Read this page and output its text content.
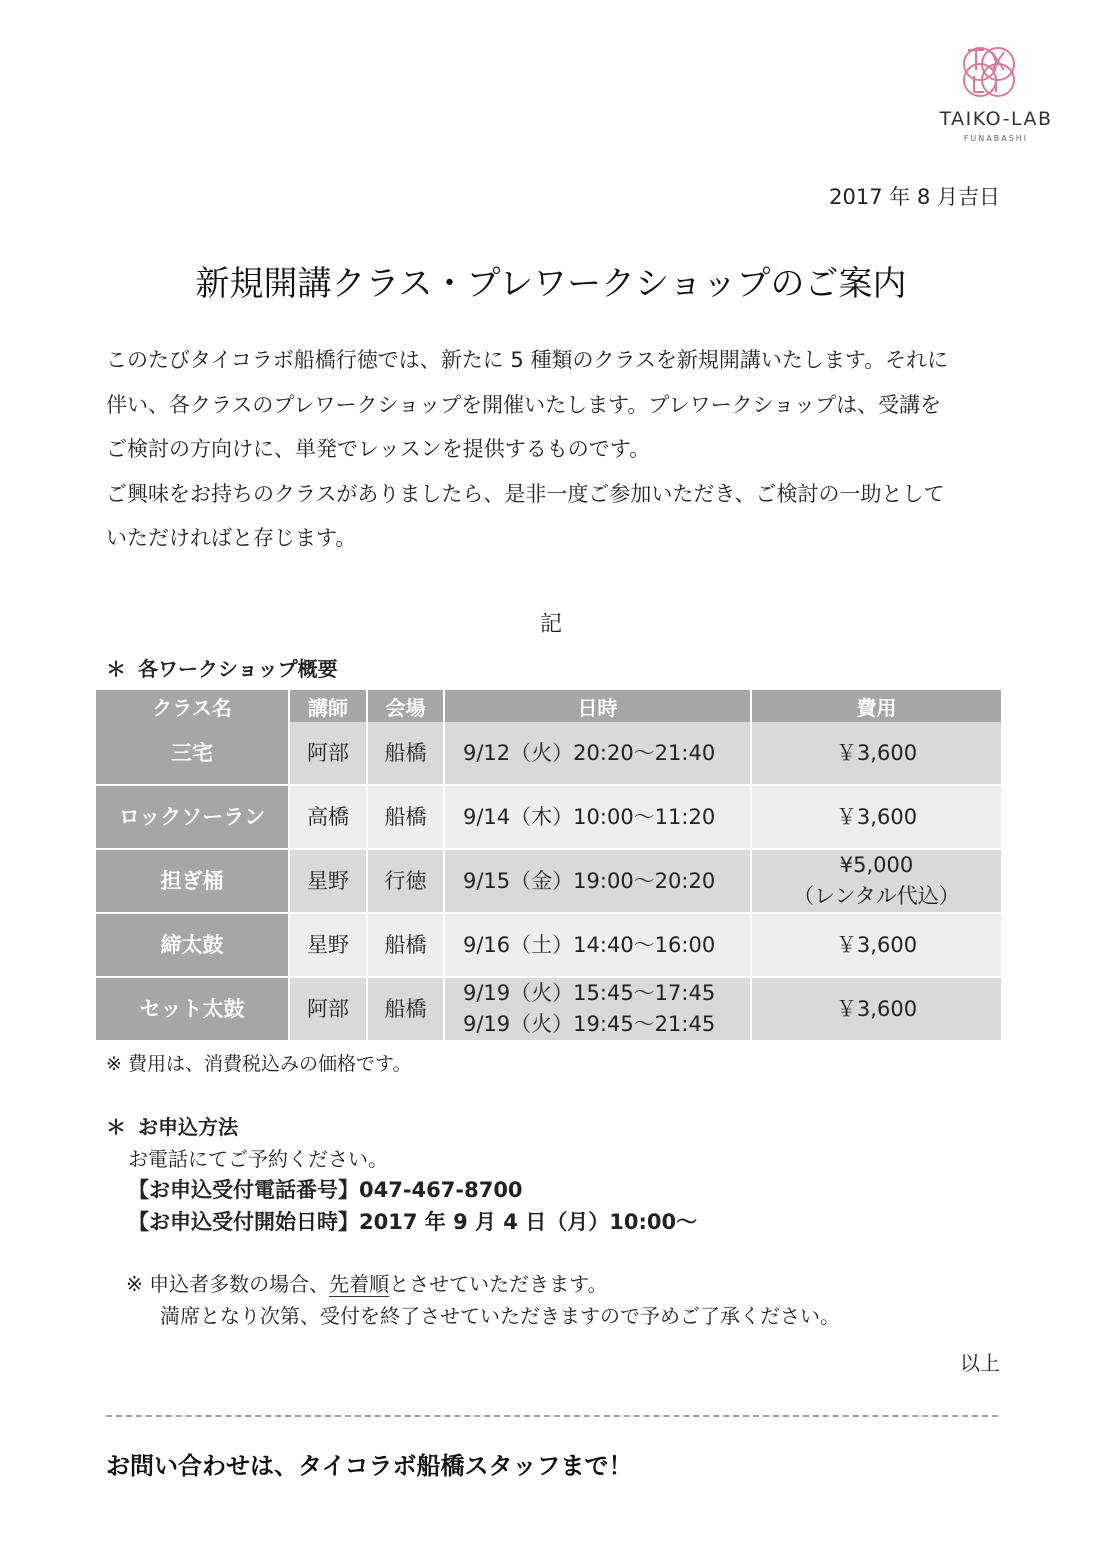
TAIKO-LAB
FUNABASHI
2017 年 8 月吉日
新規開講クラス・プレワークショップのご案内

このたびタイコラボ船橋行徳では、新たに 5 種類のクラスを新規開講いたします。それに

伴い、各クラスのプレワークショップを開催いたします。プレワークショップは、受講を

ご検討の方向けに、単発でレッスンを提供するものです。

ご興味をお持ちのクラスがありましたら、是非一度ご参加いただき、ご検討の一助として

いただければと存じます。

記
＊ 各ワークショップ概要
クラス名	講師	会場	日時	費用
三宅	阿部	船橋	9/12（火）20:20～21:40	￥3,600
ロックソーラン	高橋	船橋	9/14（木）10:00～11:20	￥3,600
担ぎ桶	星野	行徳	9/15（金）19:00～20:20	¥5,000
（レンタル代込）

締太鼓	星野	船橋	9/16（土）14:40～16:00	￥3,600
セット太鼓	阿部	船橋	9/19（火）15:45～17:45
9/19（火）19:45～21:45	￥3,600
※ 費用は、消費税込みの価格です。
＊ お申込方法
お電話にてご予約ください。
【お申込受付電話番号】047-467-8700
【お申込受付開始日時】2017 年 9 月 4 日（月）10:00～
※ 申込者多数の場合、先着順とさせていただきます。
満席となり次第、受付を終了させていただきますので予めご了承ください。
以上
お問い合わせは、タイコラボ船橋スタッフまで！
